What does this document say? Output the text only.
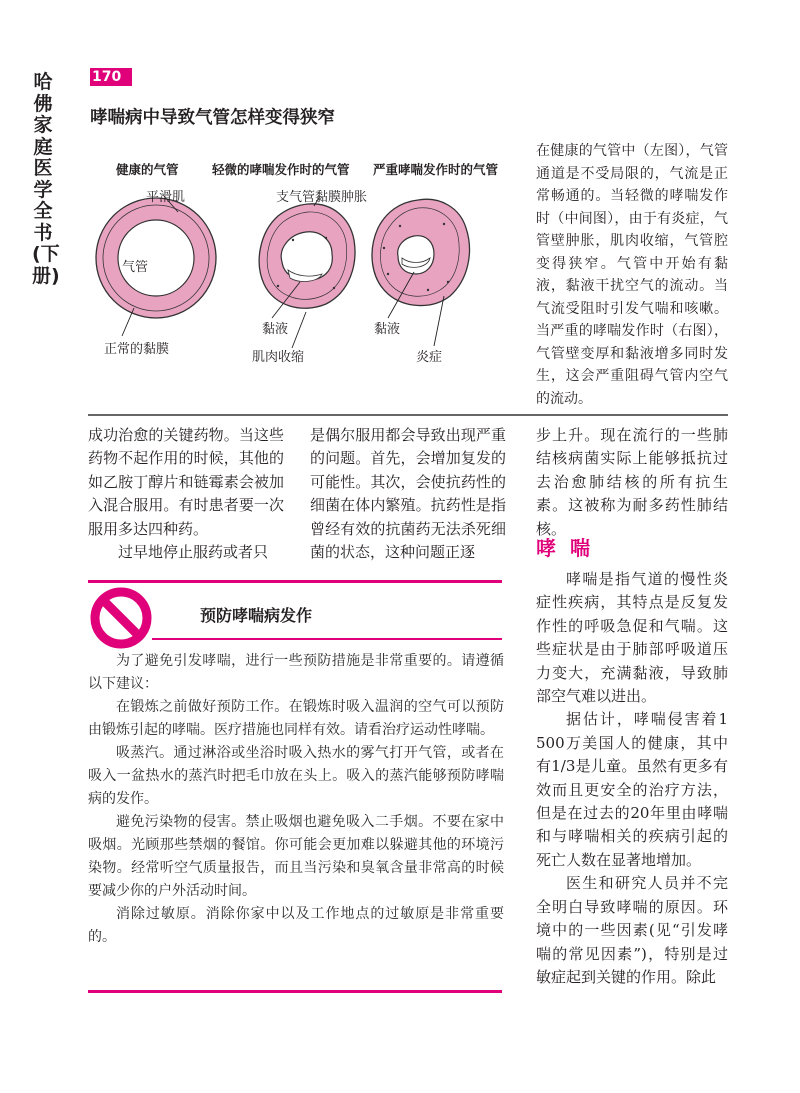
哈佛家庭医学全书(下册)
170
哮喘病中导致气管怎样变得狭窄
健康的气管	轻微的哮喘发作时的气管 严重哮喘发作时的气管
平滑肌
气管
正常的黏膜
支气管黏膜肿胀
黏液
肌肉收缩
黏液
炎症
在健康的气管中（左图），气管通道是不受局限的，气流是正常畅通的。当轻微的哮喘发作时（中间图），由于有炎症，气管壁肿胀，肌肉收缩，气管腔变得狭窄。气管中开始有黏液，黏液干扰空气的流动。当气流受阻时引发气喘和咳嗽。当严重的哮喘发作时（右图），气管壁变厚和黏液增多同时发生，这会严重阻碍气管内空气的流动。

成功治愈的关键药物。当这些药物不起作用的时候，其他的如乙胺丁醇片和链霉素会被加入混合服用。有时患者要一次服用多达四种药。

过早地停止服药或者只

是偶尔服用都会导致出现严重的问题。首先，会增加复发的可能性。其次，会使抗药性的细菌在体内繁殖。抗药性是指曾经有效的抗菌药无法杀死细菌的状态，这种问题正逐

步上升。现在流行的一些肺结核病菌实际上能够抵抗过去治愈肺结核的所有抗生素。这被称为耐多药性肺结核。

哮喘

哮喘是指气道的慢性炎症性疾病，其特点是反复发作性的呼吸急促和气喘。这些症状是由于肺部呼吸道压力变大，充满黏液，导致肺部空气难以进出。

据估计，哮喘侵害着1 500万美国人的健康，其中有1/3是儿童。虽然有更多有效而且更安全的治疗方法，但是在过去的20年里由哮喘和与哮喘相关的疾病引起的死亡人数在显著地增加。

医生和研究人员并不完全明白导致哮喘的原因。环境中的一些因素(见“引发哮喘的常见因素”)，特别是过敏症起到关键的作用。除此

预防哮喘病发作

为了避免引发哮喘，进行一些预防措施是非常重要的。请遵循以下建议：

在锻炼之前做好预防工作。在锻炼时吸入温润的空气可以预防由锻炼引起的哮喘。医疗措施也同样有效。请看治疗运动性哮喘。

吸蒸汽。通过淋浴或坐浴时吸入热水的雾气打开气管，或者在吸入一盆热水的蒸汽时把毛巾放在头上。吸入的蒸汽能够预防哮喘病的发作。

避免污染物的侵害。禁止吸烟也避免吸入二手烟。不要在家中吸烟。光顾那些禁烟的餐馆。你可能会更加难以躲避其他的环境污染物。经常听空气质量报告，而且当污染和臭氧含量非常高的时候要减少你的户外活动时间。

消除过敏原。消除你家中以及工作地点的过敏原是非常重要的。
